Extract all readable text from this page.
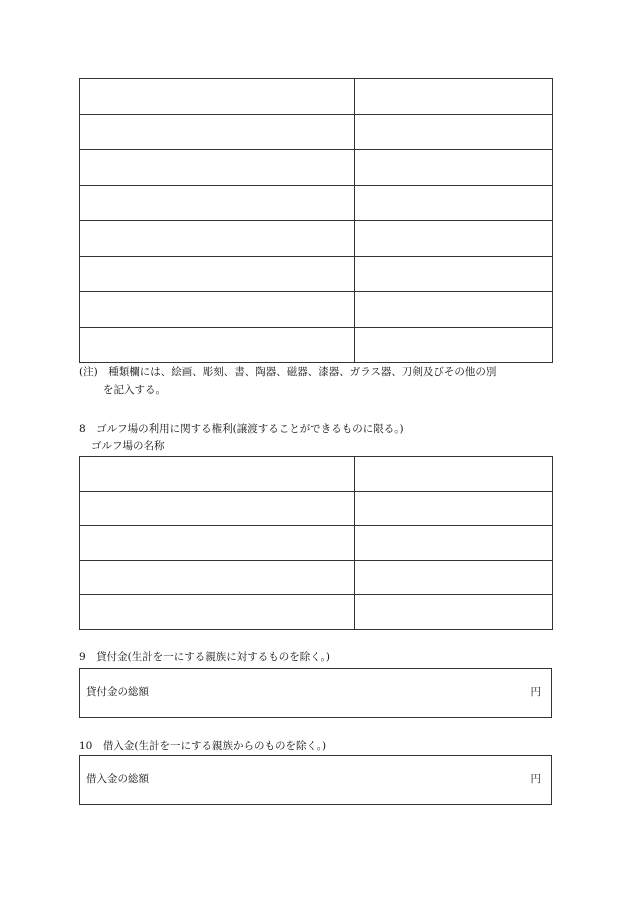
(注)　種類欄には、絵画、彫刻、書、陶器、磁器、漆器、ガラス器、刀剣及びその他の別
を記入する。
8　ゴルフ場の利用に関する権利(譲渡することができるものに限る。)
ゴルフ場の名称

9　貸付金(生計を一にする親族に対するものを除く。)
貸付金の総額	円
10　借入金(生計を一にする親族からのものを除く。)
借入金の総額	円
